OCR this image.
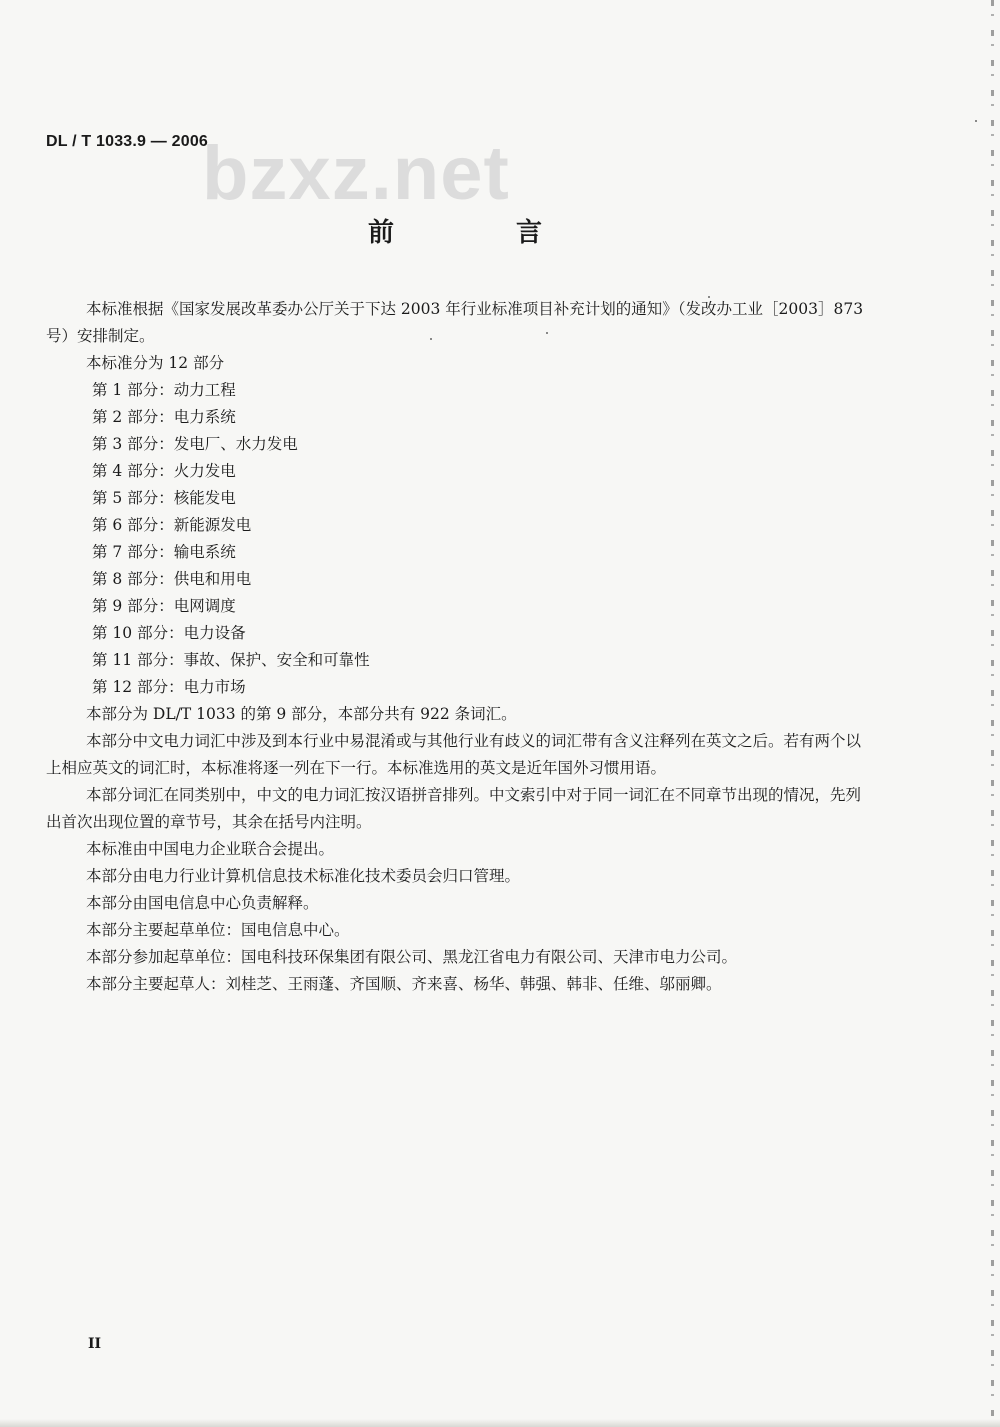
DL / T 1033.9 — 2006
bzxz.net
前　言

本标准根据《国家发展改革委办公厅关于下达 2003 年行业标准项目补充计划的通知》（发改办工业［2003］873 号）安排制定。

本标准分为 12 部分

第 1 部分：动力工程

第 2 部分：电力系统

第 3 部分：发电厂、水力发电

第 4 部分：火力发电

第 5 部分：核能发电

第 6 部分：新能源发电

第 7 部分：输电系统

第 8 部分：供电和用电

第 9 部分：电网调度

第 10 部分：电力设备

第 11 部分：事故、保护、安全和可靠性

第 12 部分：电力市场

本部分为 DL/T 1033 的第 9 部分，本部分共有 922 条词汇。

本部分中文电力词汇中涉及到本行业中易混淆或与其他行业有歧义的词汇带有含义注释列在英文之后。若有两个以上相应英文的词汇时，本标准将逐一列在下一行。本标准选用的英文是近年国外习惯用语。

本部分词汇在同类别中，中文的电力词汇按汉语拼音排列。中文索引中对于同一词汇在不同章节出现的情况，先列出首次出现位置的章节号，其余在括号内注明。

本标准由中国电力企业联合会提出。

本部分由电力行业计算机信息技术标准化技术委员会归口管理。

本部分由国电信息中心负责解释。

本部分主要起草单位：国电信息中心。

本部分参加起草单位：国电科技环保集团有限公司、黑龙江省电力有限公司、天津市电力公司。

本部分主要起草人：刘桂芝、王雨蓬、齐国顺、齐来喜、杨华、韩强、韩非、任维、邬丽卿。

II
